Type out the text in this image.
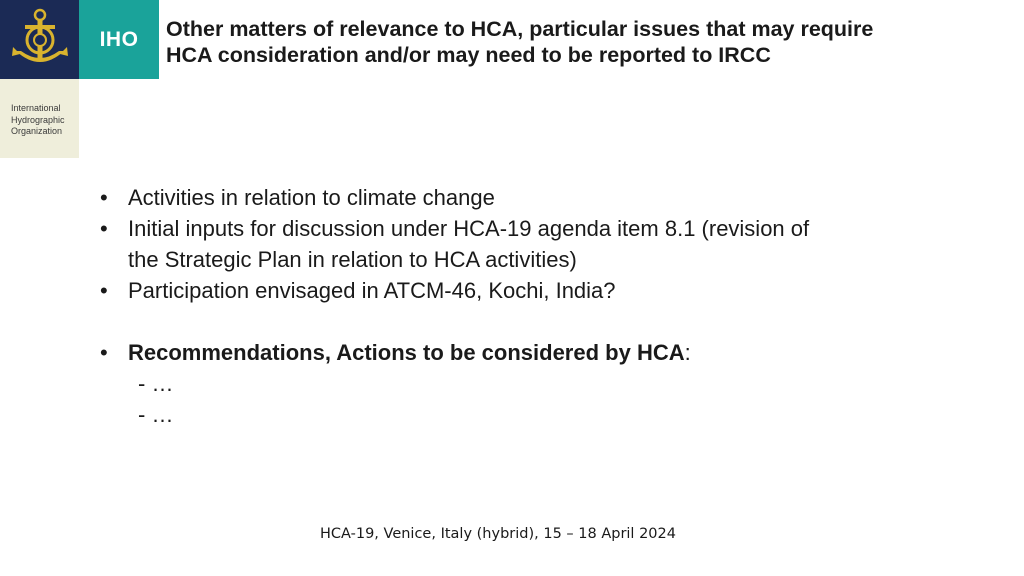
IHO
International
Hydrographic
Organization
Other matters of relevance to HCA, particular issues that may require
HCA consideration and/or may need to be reported to IRCC
• Activities in relation to climate change
• Initial inputs for discussion under HCA-19 agenda item 8.1 (revision of
the Strategic Plan in relation to HCA activities)
• Participation envisaged in ATCM-46, Kochi, India?
• Recommendations, Actions to be considered by HCA:
- …
- …
HCA-19, Venice, Italy (hybrid), 15 – 18 April 2024
